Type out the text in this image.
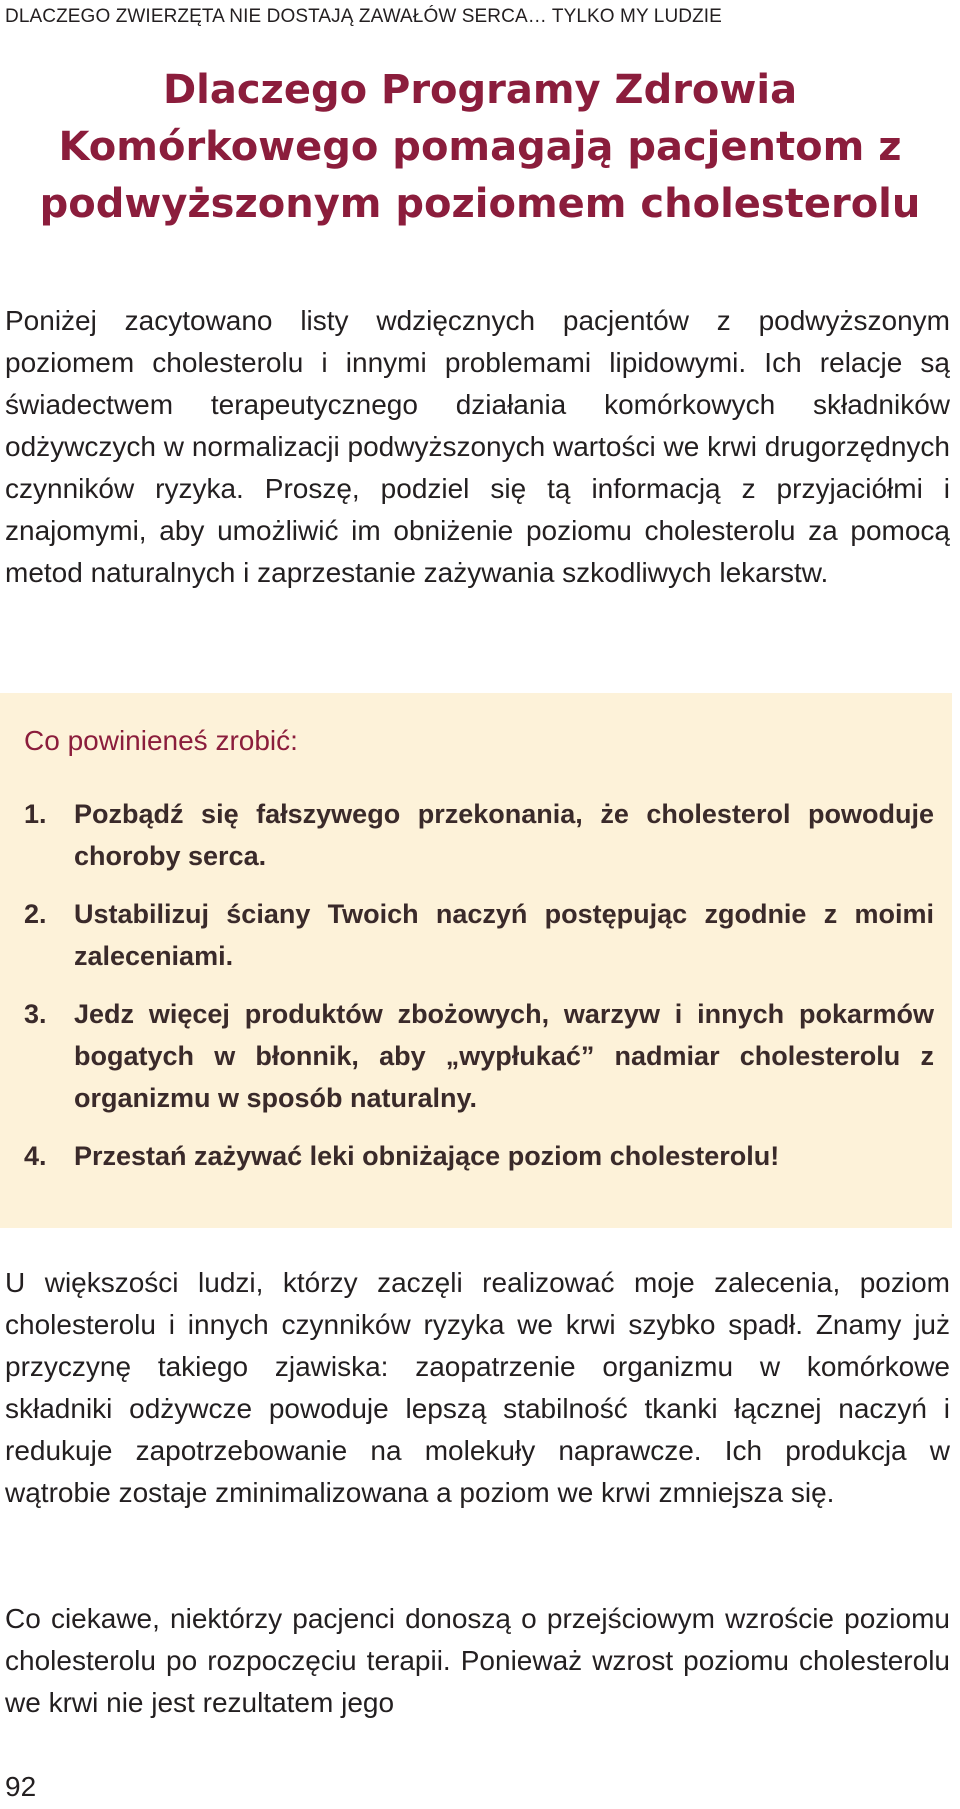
DLACZEGO ZWIERZĘTA NIE DOSTAJĄ ZAWAŁÓW SERCA… TYLKO MY LUDZIE
Dlaczego Programy Zdrowia
Komórkowego pomagają pacjentom z
podwyższonym poziomem cholesterolu

Poniżej zacytowano listy wdzięcznych pacjentów z podwyższonym poziomem cholesterolu i innymi problemami lipidowymi. Ich relacje są świadectwem terapeutycznego działania komórkowych składników odżywczych w normalizacji podwyższonych wartości we krwi drugorzędnych czynników ryzyka. Proszę, podziel się tą informacją z przyjaciółmi i znajomymi, aby umożliwić im obniżenie poziomu cholesterolu za pomocą metod naturalnych i zaprzestanie zażywania szkodliwych lekarstw.

Co powinieneś zrobić:
1. Pozbądź się fałszywego przekonania, że cholesterol powoduje choroby serca.
2. Ustabilizuj ściany Twoich naczyń postępując zgodnie z moimi zaleceniami.
3. Jedz więcej produktów zbożowych, warzyw i innych pokarmów bogatych w błonnik, aby „wypłukać” nadmiar cholesterolu z organizmu w sposób naturalny.
4. Przestań zażywać leki obniżające poziom cholesterolu!

U większości ludzi, którzy zaczęli realizować moje zalecenia, poziom cholesterolu i innych czynników ryzyka we krwi szybko spadł. Znamy już przyczynę takiego zjawiska: zaopatrzenie organizmu w komórkowe składniki odżywcze powoduje lepszą stabilność tkanki łącznej naczyń i redukuje zapotrzebowanie na molekuły naprawcze. Ich produkcja w wątrobie zostaje zminimalizowana a poziom we krwi zmniejsza się.

Co ciekawe, niektórzy pacjenci donoszą o przejściowym wzroście poziomu cholesterolu po rozpoczęciu terapii. Ponieważ wzrost poziomu cholesterolu we krwi nie jest rezultatem jego

92
